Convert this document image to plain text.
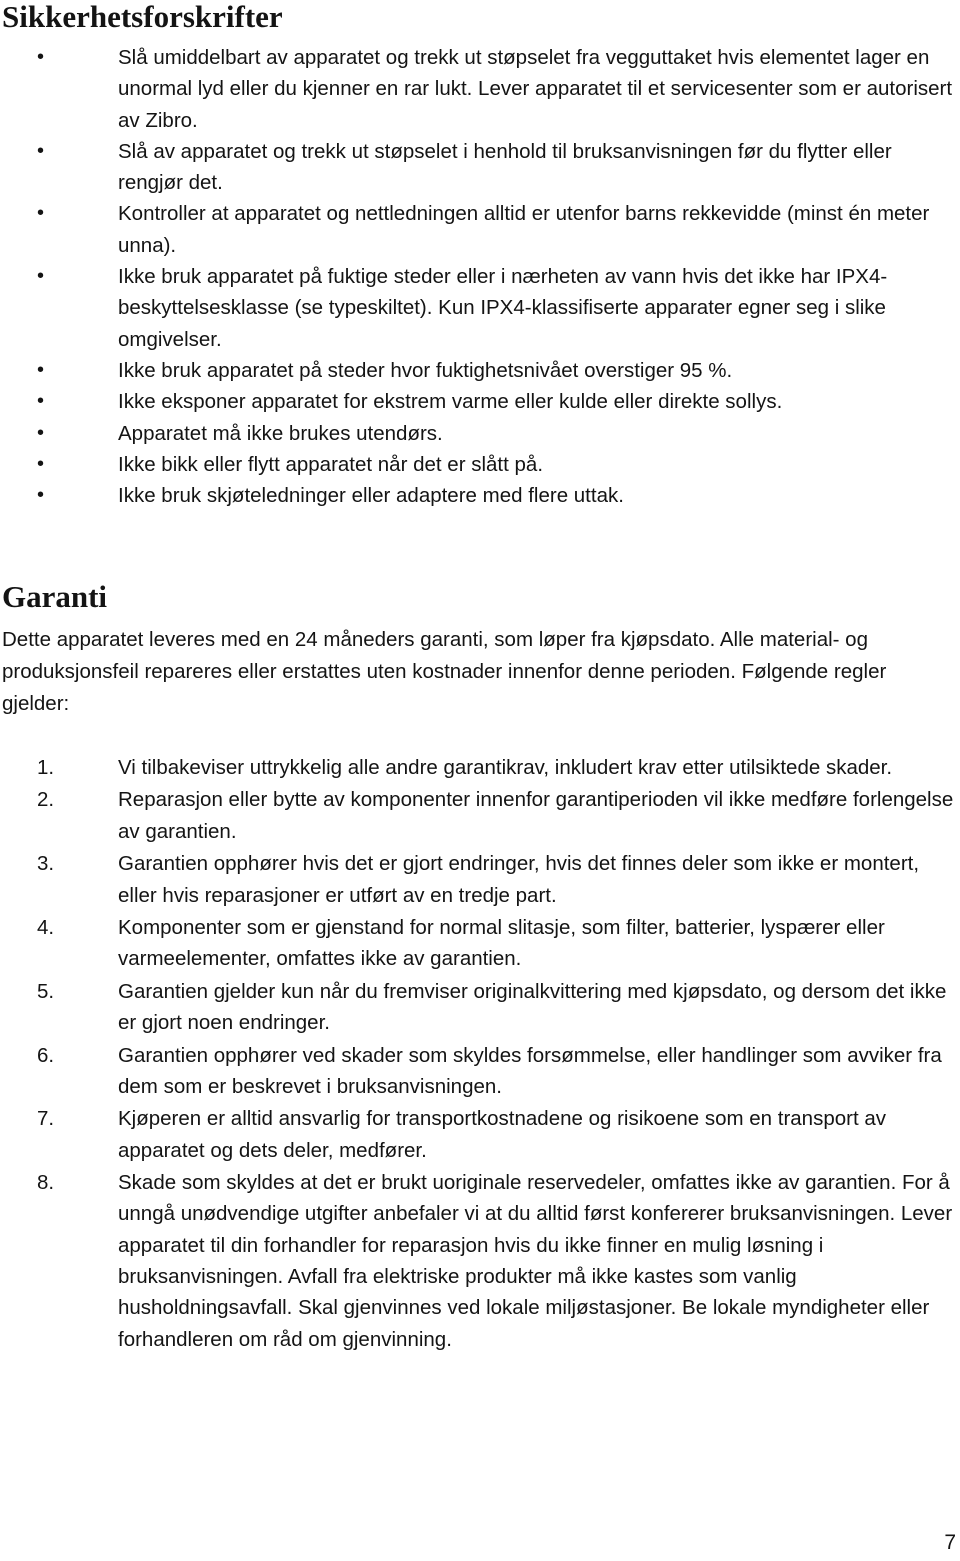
Sikkerhetsforskrifter
•	Slå umiddelbart av apparatet og trekk ut støpselet fra vegguttaket hvis elementet lager en unormal lyd eller du kjenner en rar lukt. Lever apparatet til et servicesenter som er autorisert av Zibro.
•	Slå av apparatet og trekk ut støpselet i henhold til bruksanvisningen før du flytter eller rengjør det.
•	Kontroller at apparatet og nettledningen alltid er utenfor barns rekkevidde (minst én meter unna).
•	Ikke bruk apparatet på fuktige steder eller i nærheten av vann hvis det ikke har IPX4-beskyttelsesklasse (se typeskiltet). Kun IPX4-klassifiserte apparater egner seg i slike omgivelser.
•	Ikke bruk apparatet på steder hvor fuktighetsnivået overstiger 95 %.
•	Ikke eksponer apparatet for ekstrem varme eller kulde eller direkte sollys.
•	Apparatet må ikke brukes utendørs.
•	Ikke bikk eller flytt apparatet når det er slått på.
•	Ikke bruk skjøteledninger eller adaptere med flere uttak.
Garanti

Dette apparatet leveres med en 24 måneders garanti, som løper fra kjøpsdato. Alle material- og produksjonsfeil repareres eller erstattes uten kostnader innenfor denne perioden. Følgende regler gjelder:

1.	Vi tilbakeviser uttrykkelig alle andre garantikrav, inkludert krav etter utilsiktede skader.
2.	Reparasjon eller bytte av komponenter innenfor garantiperioden vil ikke medføre forlengelse av garantien.
3.	Garantien opphører hvis det er gjort endringer, hvis det finnes deler som ikke er montert, eller hvis reparasjoner er utført av en tredje part.
4.	Komponenter som er gjenstand for normal slitasje, som filter, batterier, lyspærer eller varmeelementer, omfattes ikke av garantien.
5.	Garantien gjelder kun når du fremviser originalkvittering med kjøpsdato, og dersom det ikke er gjort noen endringer.
6.	Garantien opphører ved skader som skyldes forsømmelse, eller handlinger som avviker fra dem som er beskrevet i bruksanvisningen.
7.	Kjøperen er alltid ansvarlig for transportkostnadene og risikoene som en transport av apparatet og dets deler, medfører.
8.	Skade som skyldes at det er brukt uoriginale reservedeler, omfattes ikke av garantien. For å unngå unødvendige utgifter anbefaler vi at du alltid først konfererer bruksanvisningen. Lever apparatet til din forhandler for reparasjon hvis du ikke finner en mulig løsning i bruksanvisningen. Avfall fra elektriske produkter må ikke kastes som vanlig husholdningsavfall. Skal gjenvinnes ved lokale miljøstasjoner. Be lokale myndigheter eller forhandleren om råd om gjenvinning.

7
